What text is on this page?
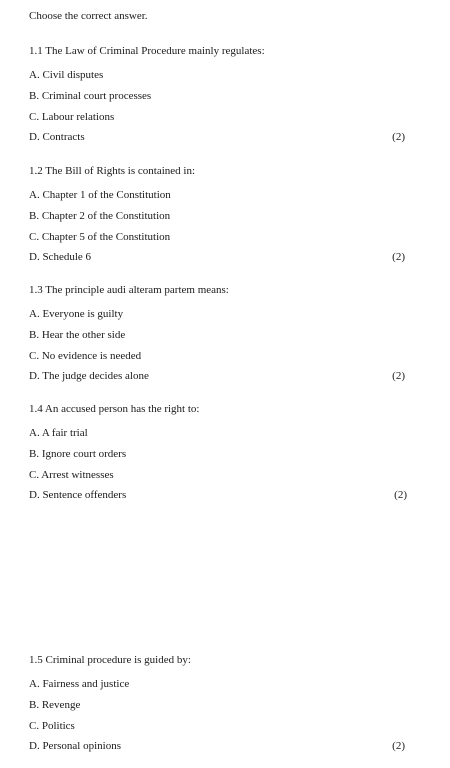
Choose the correct answer.
1.1 The Law of Criminal Procedure mainly regulates:
A. Civil disputes
B. Criminal court processes
C. Labour relations
D. Contracts	(2)
1.2 The Bill of Rights is contained in:
A. Chapter 1 of the Constitution
B. Chapter 2 of the Constitution
C. Chapter 5 of the Constitution
D. Schedule 6	(2)
1.3 The principle audi alteram partem means:
A. Everyone is guilty
B. Hear the other side
C. No evidence is needed
D. The judge decides alone	(2)
1.4 An accused person has the right to:
A. A fair trial
B. Ignore court orders
C. Arrest witnesses
D. Sentence offenders	(2)
1.5 Criminal procedure is guided by:
A. Fairness and justice
B. Revenge
C. Politics
D. Personal opinions	(2)
